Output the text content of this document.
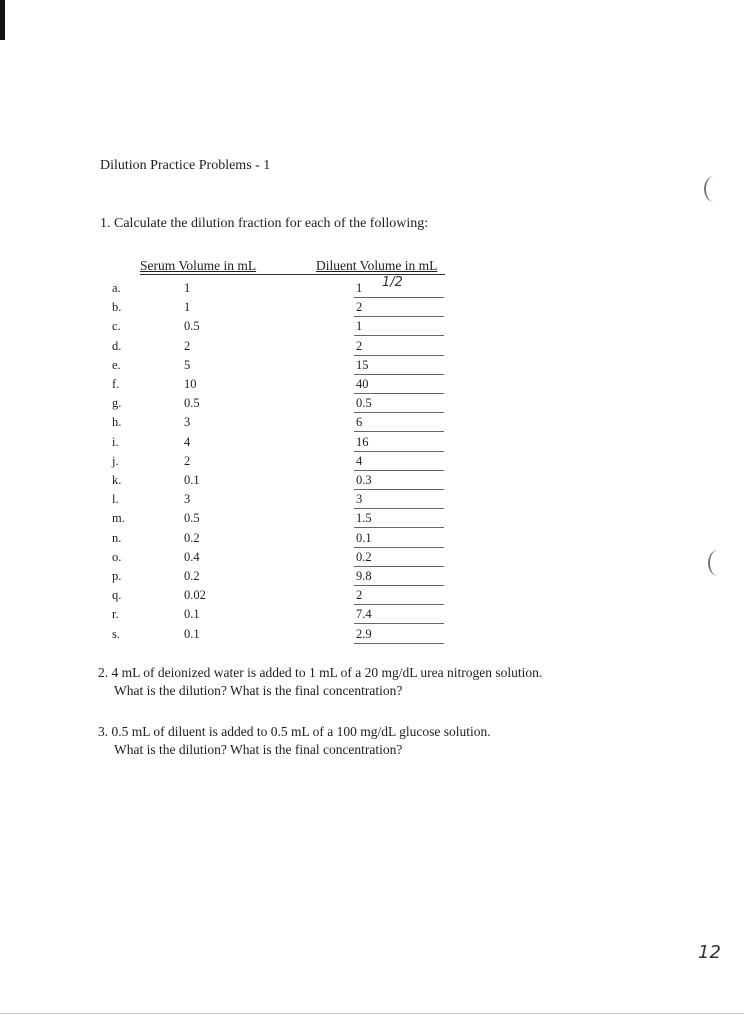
Dilution Practice Problems - 1
1. Calculate the dilution fraction for each of the following:
Serum Volume in mL	Diluent Volume in mL
1/2
a.	1	1
b.	1	2
c.	0.5	1
d.	2	2
e.	5	15
f.	10	40
g.	0.5	0.5
h.	3	6
i.	4	16
j.	2	4
k.	0.1	0.3
l.	3	3
m.	0.5	1.5
n.	0.2	0.1
o.	0.4	0.2
p.	0.2	9.8
q.	0.02	2
r.	0.1	7.4
s.	0.1	2.9
2. 4 mL of deionized water is added to 1 mL of a 20 mg/dL urea nitrogen solution.
What is the dilution? What is the final concentration?
3. 0.5 mL of diluent is added to 0.5 mL of a 100 mg/dL glucose solution.
What is the dilution? What is the final concentration?
12
